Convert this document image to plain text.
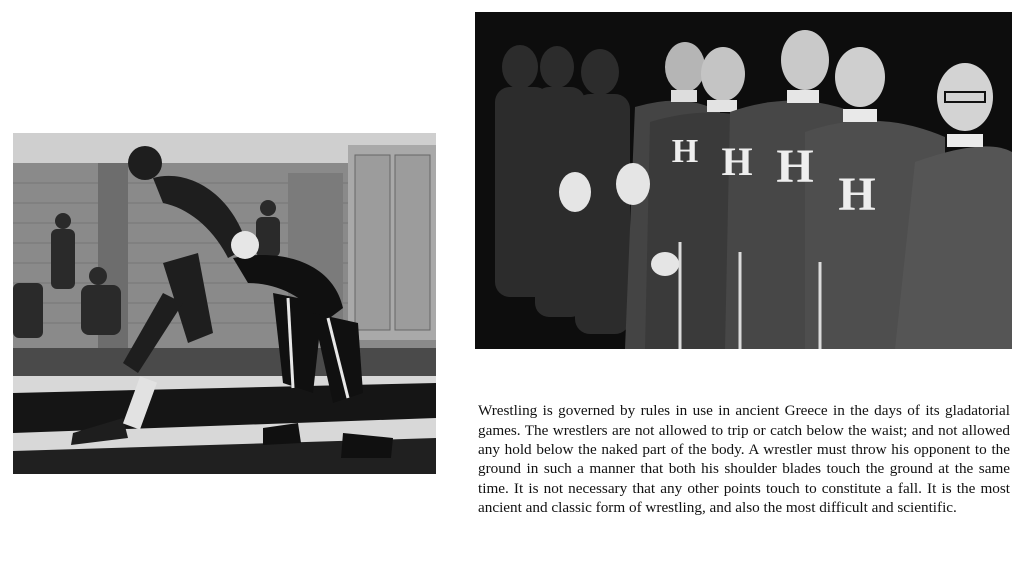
H H H
H

Wrestling is governed by rules in use in ancient Greece in the days of its gladatorial games. The wrestlers are not allowed to trip or catch below the waist; and not allowed any hold below the naked part of the body. A wrestler must throw his opponent to the ground in such a manner that both his shoulder blades touch the ground at the same time. It is not necessary that any other points touch to constitute a fall. It is the most ancient and classic form of wrestling, and also the most difficult and scientific.
